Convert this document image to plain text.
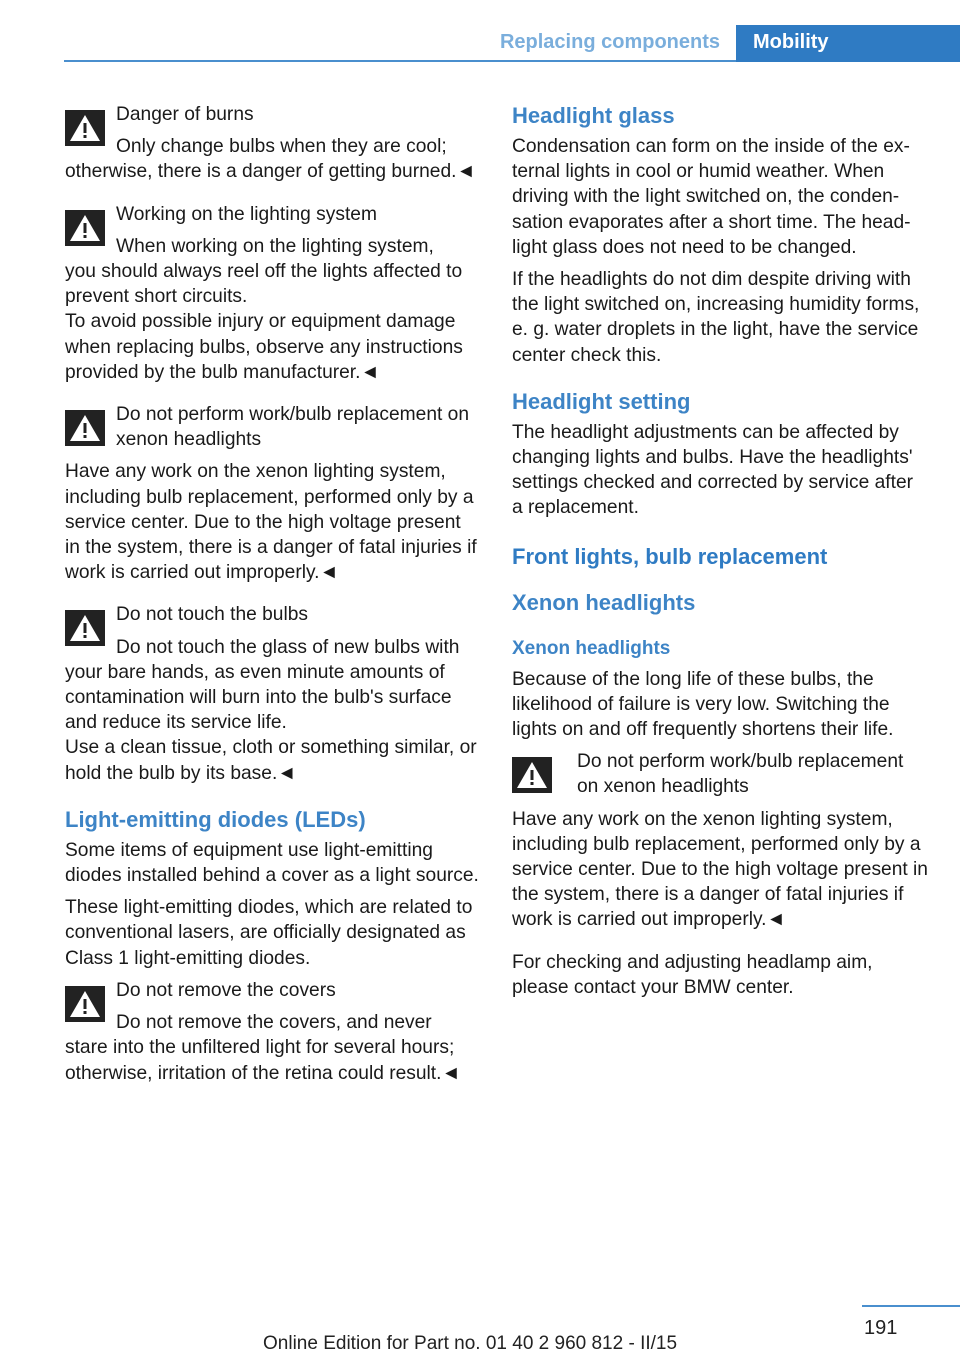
Replacing components Mobility

Danger of burns

Only change bulbs when they are cool;

otherwise, there is a danger of getting burned.◄

Working on the lighting system

When working on the lighting system,

you should always reel off the lights affected to prevent short circuits.

To avoid possible injury or equipment damage when replacing bulbs, observe any instructions provided by the bulb manufacturer.◄

Do not perform work/bulb replacement on xenon headlights

Have any work on the xenon lighting system, including bulb replacement, performed only by a service center. Due to the high voltage present in the system, there is a danger of fatal injuries if work is carried out improperly.◄

Do not touch the bulbs

Do not touch the glass of new bulbs with

your bare hands, as even minute amounts of contamination will burn into the bulb's surface and reduce its service life.

Use a clean tissue, cloth or something similar, or hold the bulb by its base.◄

Light-emitting diodes (LEDs)

Some items of equipment use light-emitting diodes installed behind a cover as a light source.

These light-emitting diodes, which are related to conventional lasers, are officially designated as Class 1 light-emitting diodes.

Do not remove the covers

Do not remove the covers, and never

stare into the unfiltered light for several hours; otherwise, irritation of the retina could result.◄

Headlight glass

Condensation can form on the inside of the external lights in cool or humid weather. When driving with the light switched on, the condensation evaporates after a short time. The headlight glass does not need to be changed.

If the headlights do not dim despite driving with the light switched on, increasing humidity forms, e. g. water droplets in the light, have the service center check this.

Headlight setting

The headlight adjustments can be affected by changing lights and bulbs. Have the headlights' settings checked and corrected by service after a replacement.

Front lights, bulb replacement
Xenon headlights
Xenon headlights

Because of the long life of these bulbs, the likelihood of failure is very low. Switching the lights on and off frequently shortens their life.

Do not perform work/bulb replacement on xenon headlights

Have any work on the xenon lighting system, including bulb replacement, performed only by a service center. Due to the high voltage present in the system, there is a danger of fatal injuries if work is carried out improperly.◄

For checking and adjusting headlamp aim, please contact your BMW center.

191
Online Edition for Part no. 01 40 2 960 812 - II/15
